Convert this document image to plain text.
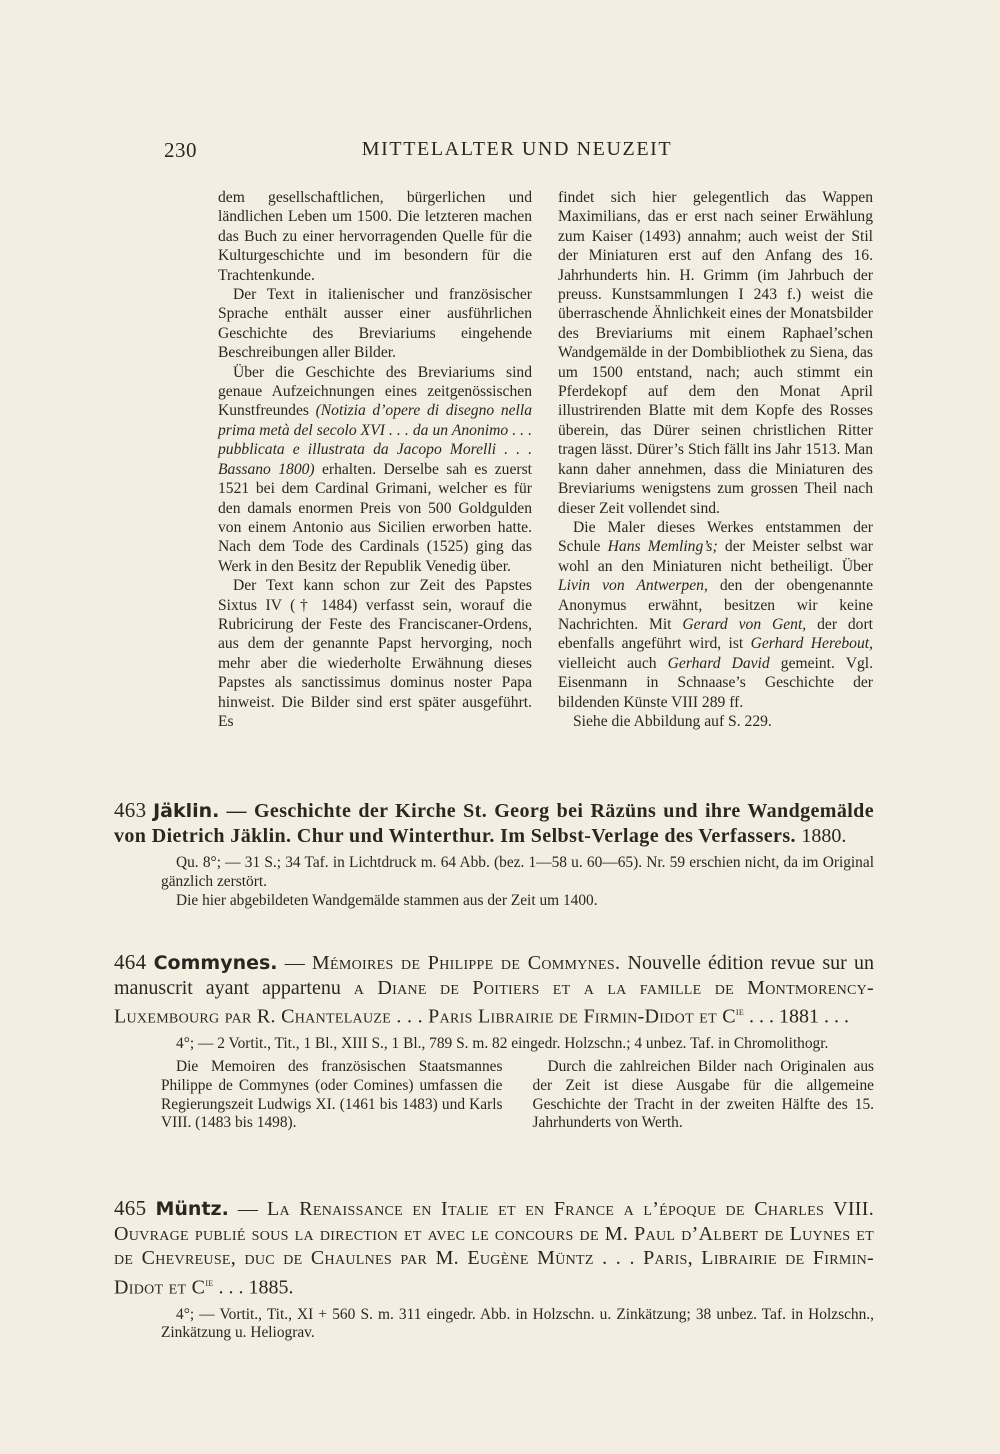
230	MITTELALTER UND NEUZEIT

dem gesellschaftlichen, bürgerlichen und ländlichen Leben um 1500. Die letzteren machen das Buch zu einer hervorragenden Quelle für die Kulturgeschichte und im besondern für die Trachtenkunde.

Der Text in italienischer und französischer Sprache enthält ausser einer ausführlichen Geschichte des Breviariums eingehende Beschreibungen aller Bilder.

Über die Geschichte des Breviariums sind genaue Aufzeichnungen eines zeitgenössischen Kunstfreundes (Notizia d’opere di disegno nella prima metà del secolo XVI . . . da un Anonimo . . . pubblicata e illustrata da Jacopo Morelli . . . Bassano 1800) erhalten. Derselbe sah es zuerst 1521 bei dem Cardinal Grimani, welcher es für den damals enormen Preis von 500 Goldgulden von einem Antonio aus Sicilien erworben hatte. Nach dem Tode des Cardinals (1525) ging das Werk in den Besitz der Republik Venedig über.

Der Text kann schon zur Zeit des Papstes Sixtus IV († 1484) verfasst sein, worauf die Rubricirung der Feste des Franciscaner-Ordens, aus dem der genannte Papst hervorging, noch mehr aber die wiederholte Erwähnung dieses Papstes als sanctissimus dominus noster Papa hinweist. Die Bilder sind erst später ausgeführt. Es

findet sich hier gelegentlich das Wappen Maximilians, das er erst nach seiner Erwählung zum Kaiser (1493) annahm; auch weist der Stil der Miniaturen erst auf den Anfang des 16. Jahrhunderts hin. H. Grimm (im Jahrbuch der preuss. Kunstsammlungen I 243 f.) weist die überraschende Ähnlichkeit eines der Monatsbilder des Breviariums mit einem Raphael’schen Wandgemälde in der Dombibliothek zu Siena, das um 1500 entstand, nach; auch stimmt ein Pferdekopf auf dem den Monat April illustrirenden Blatte mit dem Kopfe des Rosses überein, das Dürer seinen christlichen Ritter tragen lässt. Dürer’s Stich fällt ins Jahr 1513. Man kann daher annehmen, dass die Miniaturen des Breviariums wenigstens zum grossen Theil nach dieser Zeit vollendet sind.

Die Maler dieses Werkes entstammen der Schule Hans Memling’s; der Meister selbst war wohl an den Miniaturen nicht betheiligt. Über Livin von Antwerpen, den der obengenannte Anonymus erwähnt, besitzen wir keine Nachrichten. Mit Gerard von Gent, der dort ebenfalls angeführt wird, ist Gerhard Herebout, vielleicht auch Gerhard David gemeint. Vgl. Eisenmann in Schnaase’s Geschichte der bildenden Künste VIII 289 ff.

Siehe die Abbildung auf S. 229.

463 Jäklin. — Geschichte der Kirche St. Georg bei Räzüns und ihre Wandgemälde von Dietrich Jäklin. Chur und Winterthur. Im Selbst-Verlage des Verfassers. 1880.

Qu. 8°; — 31 S.; 34 Taf. in Lichtdruck m. 64 Abb. (bez. 1—58 u. 60—65). Nr. 59 erschien nicht, da im Original gänzlich zerstört.

Die hier abgebildeten Wandgemälde stammen aus der Zeit um 1400.

464 Commynes. — Mémoires de Philippe de Commynes. Nouvelle édition revue sur un manuscrit ayant appartenu a Diane de Poitiers et a la famille de Montmorency-Luxembourg par R. Chantelauze . . . Paris Librairie de Firmin-Didot et $C^{ie}$ . . . 1881 . . .

4°; — 2 Vortit., Tit., 1 Bl., XIII S., 1 Bl., 789 S. m. 82 eingedr. Holzschn.; 4 unbez. Taf. in Chromolithogr.

Die Memoiren des französischen Staatsmannes Philippe de Commynes (oder Comines) umfassen die Regierungszeit Ludwigs XI. (1461 bis 1483) und Karls VIII. (1483 bis 1498).

Durch die zahlreichen Bilder nach Originalen aus der Zeit ist diese Ausgabe für die allgemeine Geschichte der Tracht in der zweiten Hälfte des 15. Jahrhunderts von Werth.

465 Müntz. — La Renaissance en Italie et en France a l’époque de Charles VIII. Ouvrage publié sous la direction et avec le concours de M. Paul d’Albert de Luynes et de Chevreuse, duc de Chaulnes par M. Eugène Müntz . . . Paris, Librairie de Firmin-Didot et $C^{ie}$ . . . 1885.

4°; — Vortit., Tit., XI + 560 S. m. 311 eingedr. Abb. in Holzschn. u. Zinkätzung; 38 unbez. Taf. in Holzschn., Zinkätzung u. Heliograv.
